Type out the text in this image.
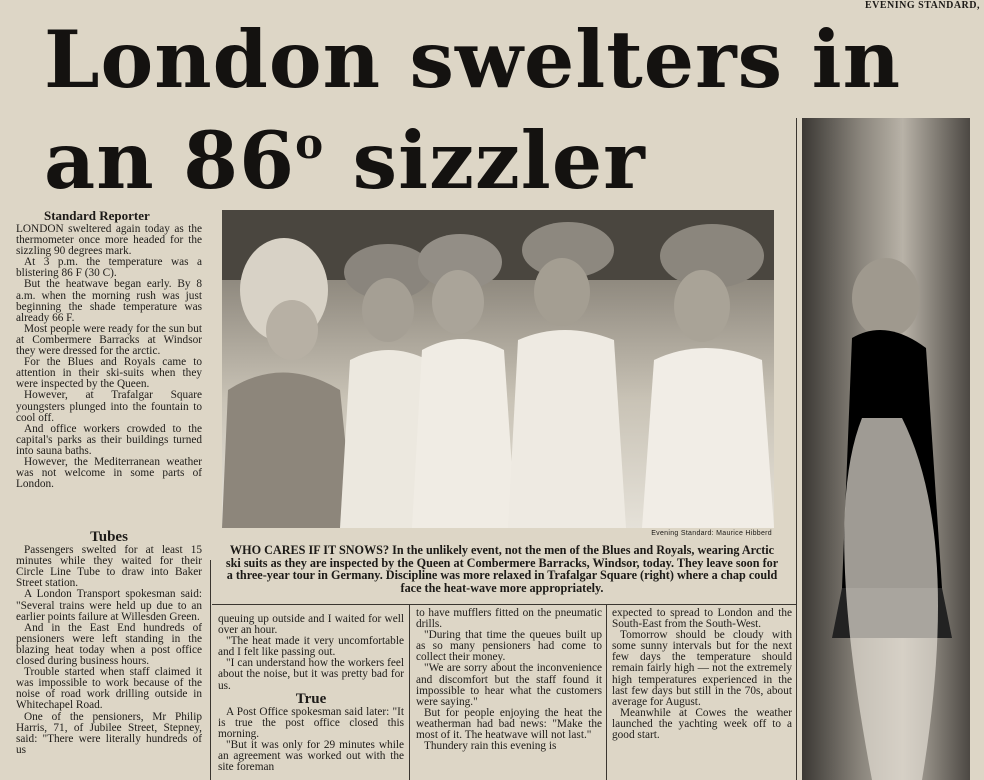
EVENING STANDARD,
London swelters in
an 86$^o$ sizzler
Standard Reporter

LONDON sweltered again today as the thermometer once more headed for the sizzling 90 degrees mark.

At 3 p.m. the temperature was a blistering 86 F (30 C).

But the heatwave began early. By 8 a.m. when the morning rush was just beginning the shade temperature was already 66 F.

Most people were ready for the sun but at Combermere Barracks at Windsor they were dressed for the arctic.

For the Blues and Royals came to attention in their ski-suits when they were inspected by the Queen.

However, at Trafalgar Square youngsters plunged into the fountain to cool off.

And office workers crowded to the capital's parks as their buildings turned into sauna baths.

However, the Mediterranean weather was not welcome in some parts of London.

Tubes

Passengers swelted for at least 15 minutes while they waited for their Circle Line Tube to draw into Baker Street station.

A London Transport spokesman said: "Several trains were held up due to an earlier points failure at Willesden Green.

And in the East End hundreds of pensioners were left standing in the blazing heat today when a post office closed during business hours.

Trouble started when staff claimed it was impossible to work because of the noise of road work drilling outside in Whitechapel Road.

One of the pensioners, Mr Philip Harris, 71, of Jubilee Street, Stepney, said: "There were literally hundreds of us

Evening Standard: Maurice Hibberd

WHO CARES IF IT SNOWS? In the unlikely event, not the men of the Blues and Royals, wearing Arctic ski suits as they are inspected by the Queen at Combermere Barracks, Windsor, today. They leave soon for a three-year tour in Germany. Discipline was more relaxed in Trafalgar Square (right) where a chap could face the heat-wave more appropriately.

queuing up outside and I waited for well over an hour.

"The heat made it very uncomfortable and I felt like passing out.

"I can understand how the workers feel about the noise, but it was pretty bad for us.

True

A Post Office spokesman said later: "It is true the post office closed this morning.

"But it was only for 29 minutes while an agreement was worked out with the site foreman

to have mufflers fitted on the pneumatic drills.

"During that time the queues built up as so many pensioners had come to collect their money.

"We are sorry about the inconvenience and discomfort but the staff found it impossible to hear what the customers were saying."

But for people enjoying the heat the weatherman had bad news: "Make the most of it. The heatwave will not last."

Thundery rain this evening is

expected to spread to London and the South-East from the South-West.

Tomorrow should be cloudy with some sunny intervals but for the next few days the temperature should remain fairly high — not the extremely high temperatures experienced in the last few days but still in the 70s, about average for August.

Meanwhile at Cowes the weather launched the yachting week off to a good start.
